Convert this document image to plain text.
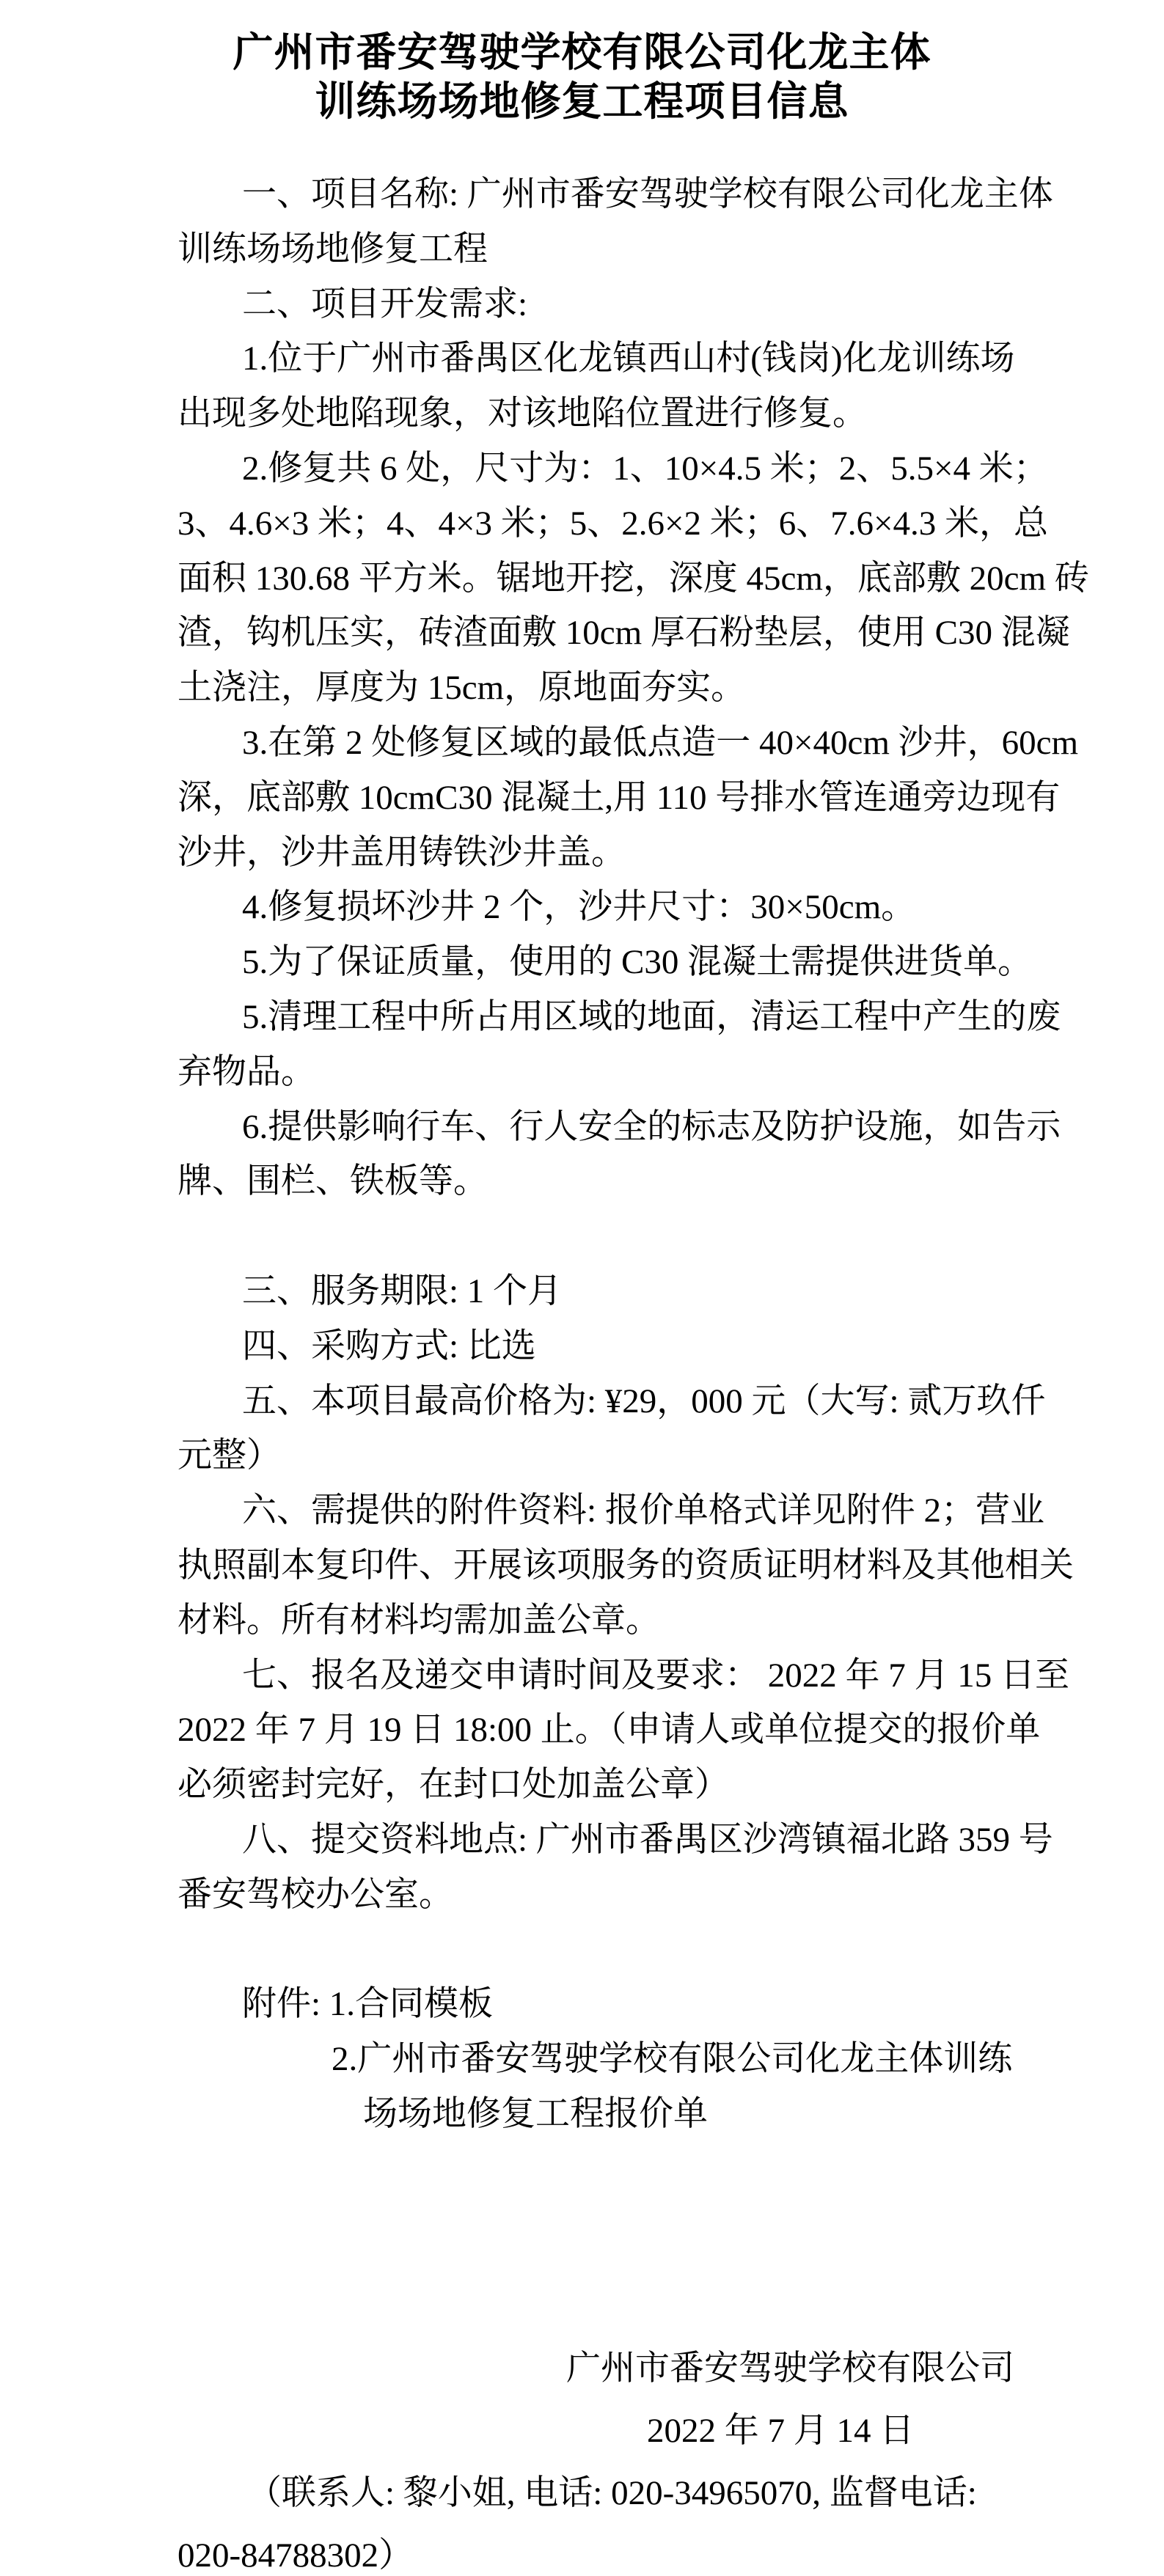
广州市番安驾驶学校有限公司化龙主体
训练场场地修复工程项目信息
一、项目名称: 广州市番安驾驶学校有限公司化龙主体
训练场场地修复工程
二、项目开发需求:
1.位于广州市番禺区化龙镇西山村(钱岗)化龙训练场
出现多处地陷现象，对该地陷位置进行修复。
2.修复共 6 处，尺寸为：1、10×4.5 米；2、5.5×4 米；
3、4.6×3 米；4、4×3 米；5、2.6×2 米；6、7.6×4.3 米，总
面积 130.68 平方米。锯地开挖，深度 45cm，底部敷 20cm 砖
渣，钩机压实，砖渣面敷 10cm 厚石粉垫层，使用 C30 混凝
土浇注，厚度为 15cm，原地面夯实。
3.在第 2 处修复区域的最低点造一 40×40cm 沙井，60cm
深，底部敷 10cmC30 混凝土,用 110 号排水管连通旁边现有
沙井，沙井盖用铸铁沙井盖。
4.修复损坏沙井 2 个，沙井尺寸：30×50cm。
5.为了保证质量，使用的 C30 混凝土需提供进货单。
5.清理工程中所占用区域的地面，清运工程中产生的废
弃物品。
6.提供影响行车、行人安全的标志及防护设施，如告示
牌、围栏、铁板等。
三、服务期限: 1 个月
四、采购方式: 比选
五、本项目最高价格为: ¥29，000 元（大写: 贰万玖仟
元整）
六、需提供的附件资料: 报价单格式详见附件 2；营业
执照副本复印件、开展该项服务的资质证明材料及其他相关
材料。所有材料均需加盖公章。
七、报名及递交申请时间及要求： 2022 年 7 月 15 日至
2022 年 7 月 19 日 18:00 止。（申请人或单位提交的报价单
必须密封完好，在封口处加盖公章）
八、提交资料地点: 广州市番禺区沙湾镇福北路 359 号
番安驾校办公室。
附件: 1.合同模板
2.广州市番安驾驶学校有限公司化龙主体训练
场场地修复工程报价单
广州市番安驾驶学校有限公司
2022 年 7 月 14 日
（联系人: 黎小姐, 电话: 020-34965070, 监督电话:
020-84788302）
